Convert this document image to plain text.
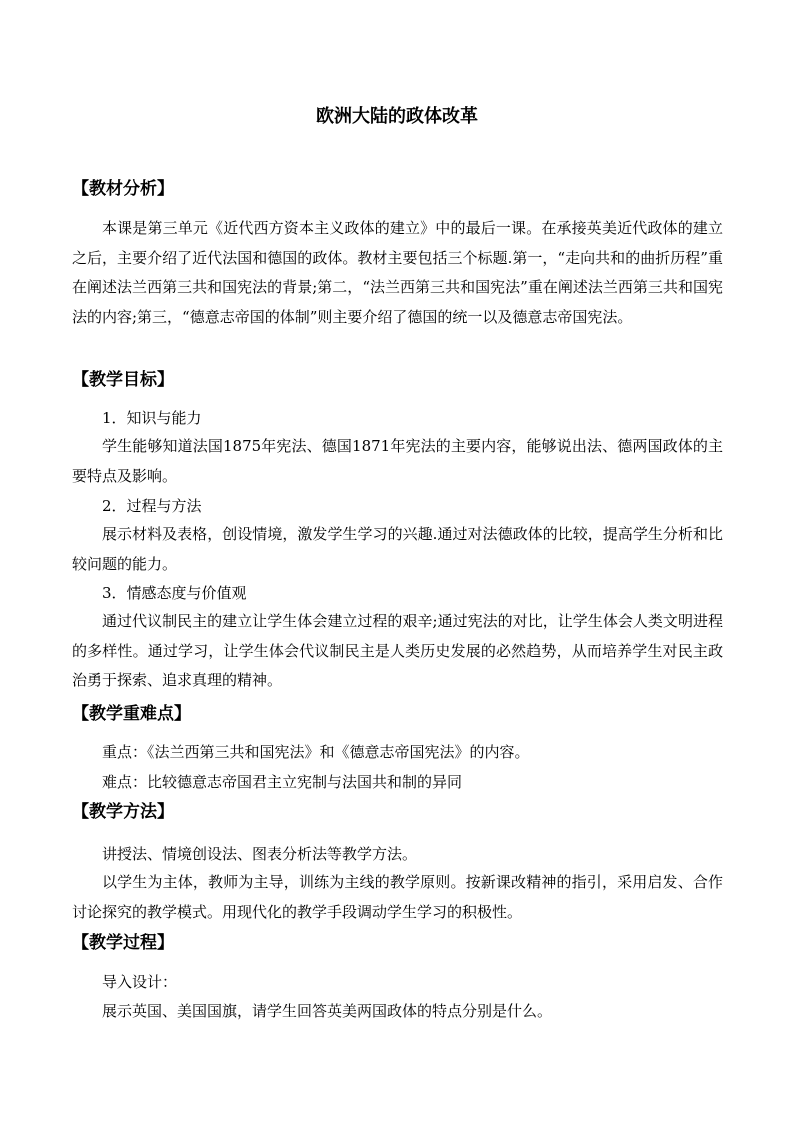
欧洲大陆的政体改革
【教材分析】
本课是第三单元《近代西方资本主义政体的建立》中的最后一课。在承接英美近代政体的建立之后，主要介绍了近代法国和德国的政体。教材主要包括三个标题.第一，“走向共和的曲折历程”重在阐述法兰西第三共和国宪法的背景;第二，“法兰西第三共和国宪法”重在阐述法兰西第三共和国宪法的内容;第三，“德意志帝国的体制”则主要介绍了德国的统一以及德意志帝国宪法。
【教学目标】
1．知识与能力
学生能够知道法国1875年宪法、德国1871年宪法的主要内容，能够说出法、德两国政体的主要特点及影响。
2．过程与方法
展示材料及表格，创设情境，激发学生学习的兴趣.通过对法德政体的比较，提高学生分析和比较问题的能力。
3．情感态度与价值观
通过代议制民主的建立让学生体会建立过程的艰辛;通过宪法的对比，让学生体会人类文明进程的多样性。通过学习，让学生体会代议制民主是人类历史发展的必然趋势，从而培养学生对民主政治勇于探索、追求真理的精神。
【教学重难点】
重点：《法兰西第三共和国宪法》和《德意志帝国宪法》的内容。
难点：比较德意志帝国君主立宪制与法国共和制的异同
【教学方法】
讲授法、情境创设法、图表分析法等教学方法。
以学生为主体，教师为主导，训练为主线的教学原则。按新课改精神的指引，采用启发、合作讨论探究的教学模式。用现代化的教学手段调动学生学习的积极性。
【教学过程】
导入设计：
展示英国、美国国旗，请学生回答英美两国政体的特点分别是什么。
